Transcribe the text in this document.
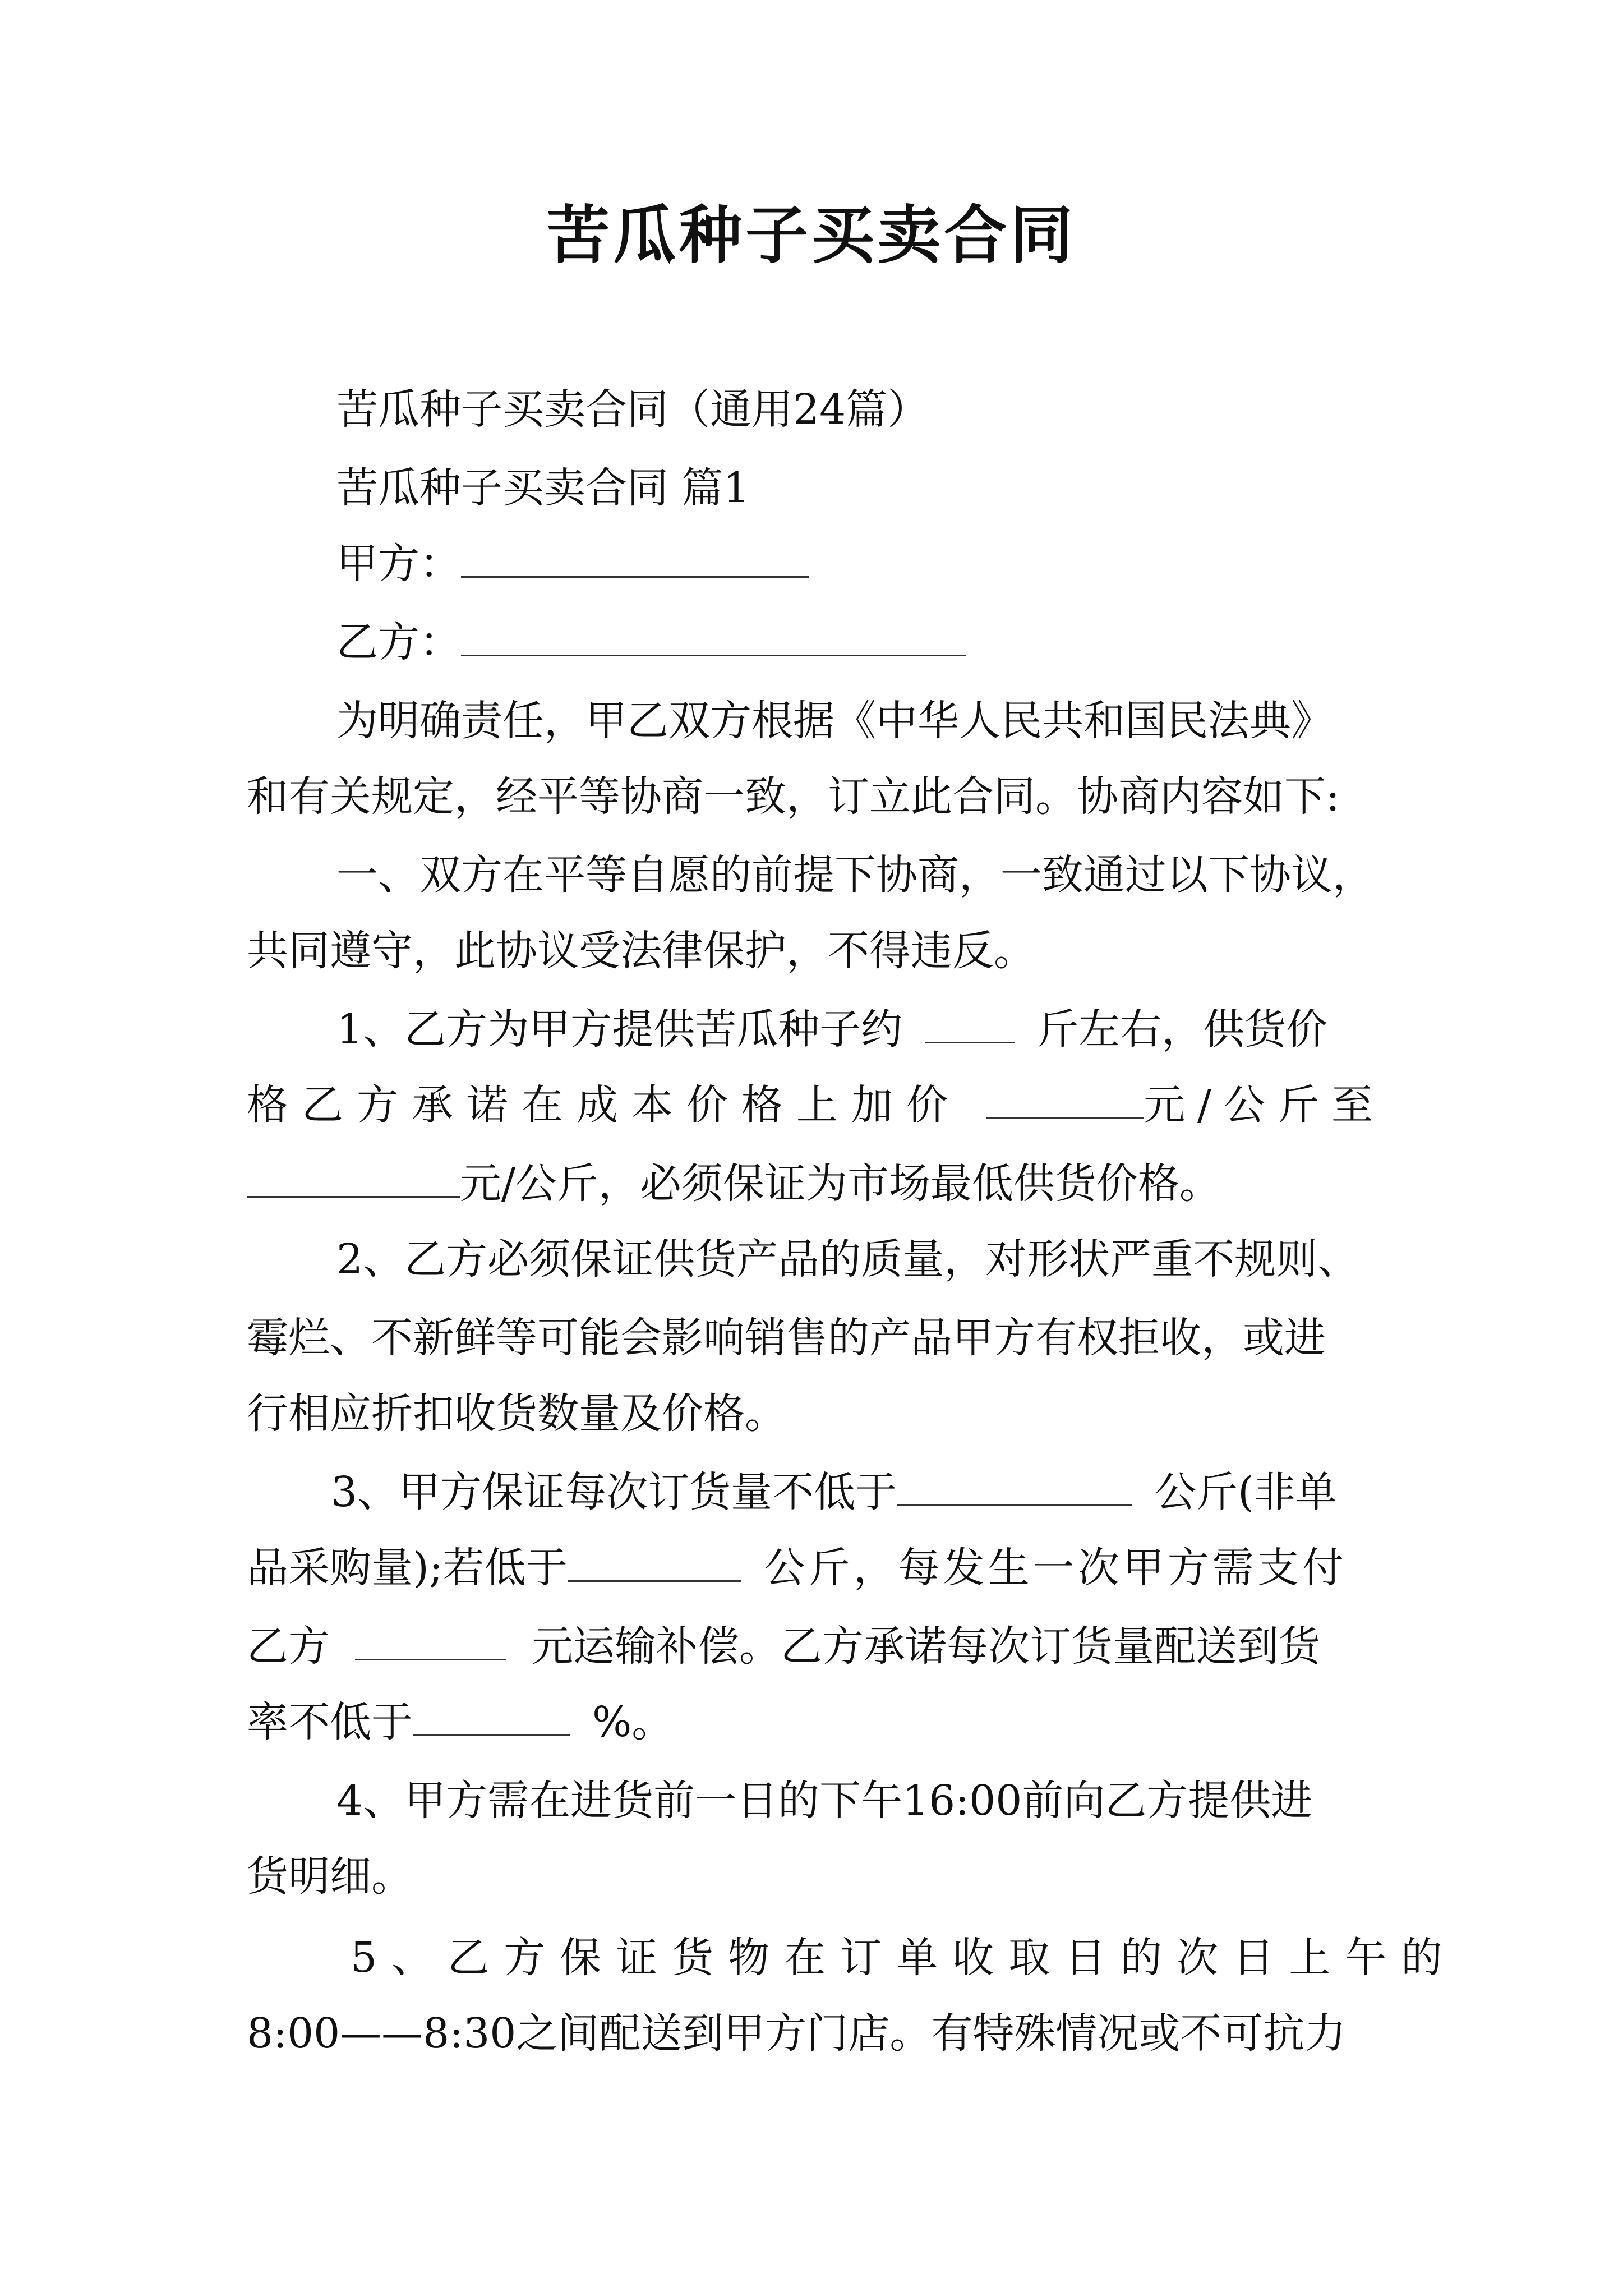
苦瓜种子买卖合同
苦瓜种子买卖合同（通用24篇）
苦瓜种子买卖合同 篇1
甲方：
乙方：
为明确责任，甲乙双方根据《中华人民共和国民法典》
和有关规定，经平等协商一致，订立此合同。协商内容如下:
一、双方在平等自愿的前提下协商，一致通过以下协议，
共同遵守，此协议受法律保护，不得违反。
1、乙方为甲方提供苦瓜种子约	斤左右，供货价
格乙方承诺在成本价格上加价	元/公斤至
元/公斤，必须保证为市场最低供货价格。
2、乙方必须保证供货产品的质量，对形状严重不规则、
霉烂、不新鲜等可能会影响销售的产品甲方有权拒收，或进
行相应折扣收货数量及价格。
3、甲方保证每次订货量不低于	公斤(非单
品采购量);若低于	公斤，每发生一次甲方需支付
乙方	元运输补偿。乙方承诺每次订货量配送到货
率不低于	%。
4、甲方需在进货前一日的下午16:00前向乙方提供进
货明细。
5、乙方保证货物在订单收取日的次日上午的
8:00——8:30之间配送到甲方门店。有特殊情况或不可抗力
